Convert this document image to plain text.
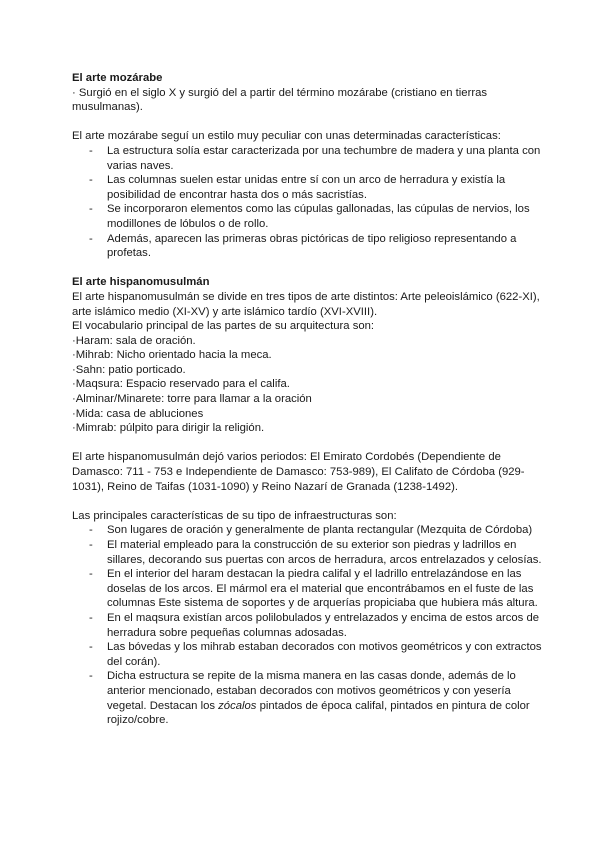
El arte mozárabe

· Surgió en el siglo X y surgió del a partir del término mozárabe (cristiano en tierras musulmanas).

El arte mozárabe seguí un estilo muy peculiar con unas determinadas características:

- La estructura solía estar caracterizada por una techumbre de madera y una planta con varias naves.
- Las columnas suelen estar unidas entre sí con un arco de herradura y existía la posibilidad de encontrar hasta dos o más sacristías.
- Se incorporaron elementos como las cúpulas gallonadas, las cúpulas de nervios, los modillones de lóbulos o de rollo.
- Además, aparecen las primeras obras pictóricas de tipo religioso representando a profetas.

El arte hispanomusulmán

El arte hispanomusulmán se divide en tres tipos de arte distintos: Arte peleoislámico (622-XI), arte islámico medio (XI-XV) y arte islámico tardío (XVI-XVIII).

El vocabulario principal de las partes de su arquitectura son:

·Haram: sala de oración.

·Mihrab: Nicho orientado hacia la meca.

·Sahn: patio porticado.

·Maqsura: Espacio reservado para el califa.

·Alminar/Minarete: torre para llamar a la oración

·Mida: casa de abluciones

·Mimrab: púlpito para dirigir la religión.

El arte hispanomusulmán dejó varios periodos: El Emirato Cordobés (Dependiente de Damasco: 711 - 753 e Independiente de Damasco: 753-989), El Califato de Córdoba (929-1031), Reino de Taifas (1031-1090) y Reino Nazarí de Granada (1238-1492).

Las principales características de su tipo de infraestructuras son:

- Son lugares de oración y generalmente de planta rectangular (Mezquita de Córdoba)
- El material empleado para la construcción de su exterior son piedras y ladrillos en sillares, decorando sus puertas con arcos de herradura, arcos entrelazados y celosías.
- En el interior del haram destacan la piedra califal y el ladrillo entrelazándose en las doselas de los arcos. El mármol era el material que encontrábamos en el fuste de las columnas Este sistema de soportes y de arquerías propiciaba que hubiera más altura.
- En el maqsura existían arcos polilobulados y entrelazados y encima de estos arcos de herradura sobre pequeñas columnas adosadas.
- Las bóvedas y los mihrab estaban decorados con motivos geométricos y con extractos del corán).
- Dicha estructura se repite de la misma manera en las casas donde, además de lo anterior mencionado, estaban decorados con motivos geométricos y con yesería vegetal. Destacan los zócalos pintados de época califal, pintados en pintura de color rojizo/cobre.
